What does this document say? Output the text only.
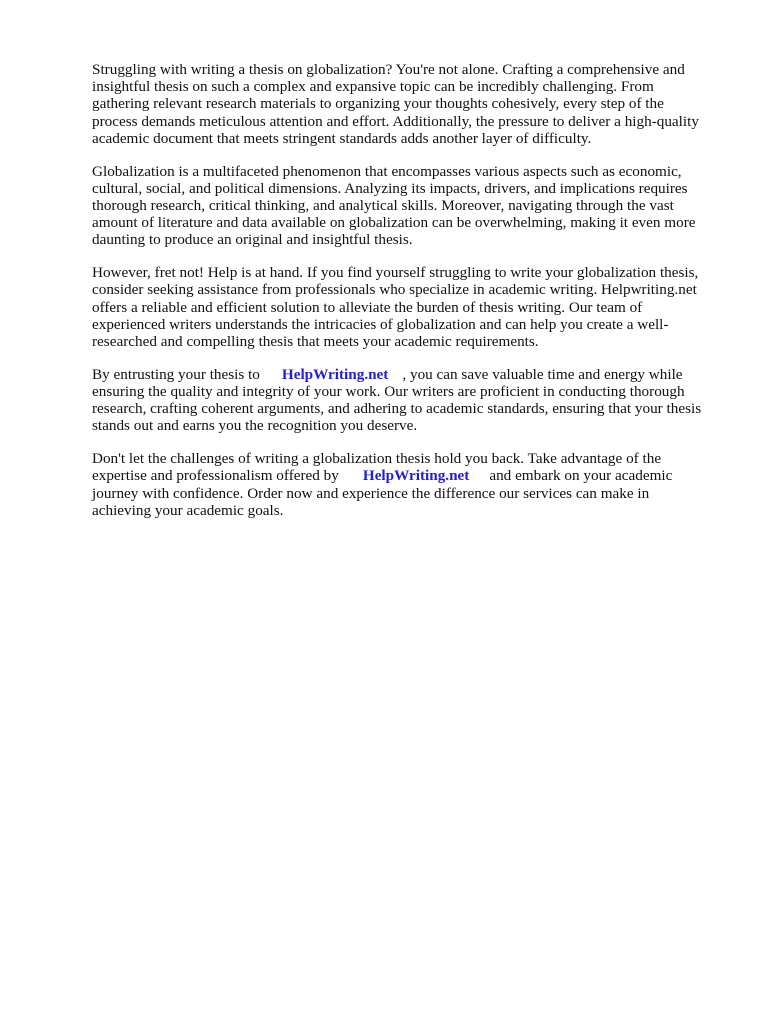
Struggling with writing a thesis on globalization? You're not alone. Crafting a comprehensive and
insightful thesis on such a complex and expansive topic can be incredibly challenging. From
gathering relevant research materials to organizing your thoughts cohesively, every step of the
process demands meticulous attention and effort. Additionally, the pressure to deliver a high-quality
academic document that meets stringent standards adds another layer of difficulty.

Globalization is a multifaceted phenomenon that encompasses various aspects such as economic,
cultural, social, and political dimensions. Analyzing its impacts, drivers, and implications requires
thorough research, critical thinking, and analytical skills. Moreover, navigating through the vast
amount of literature and data available on globalization can be overwhelming, making it even more
daunting to produce an original and insightful thesis.

However, fret not! Help is at hand. If you find yourself struggling to write your globalization thesis,
consider seeking assistance from professionals who specialize in academic writing. Helpwriting.net
offers a reliable and efficient solution to alleviate the burden of thesis writing. Our team of
experienced writers understands the intricacies of globalization and can help you create a well-
researched and compelling thesis that meets your academic requirements.

By entrusting your thesis to HelpWriting.net , you can save valuable time and energy while
ensuring the quality and integrity of your work. Our writers are proficient in conducting thorough
research, crafting coherent arguments, and adhering to academic standards, ensuring that your thesis
stands out and earns you the recognition you deserve.

Don't let the challenges of writing a globalization thesis hold you back. Take advantage of the
expertise and professionalism offered by HelpWriting.net and embark on your academic
journey with confidence. Order now and experience the difference our services can make in
achieving your academic goals.
